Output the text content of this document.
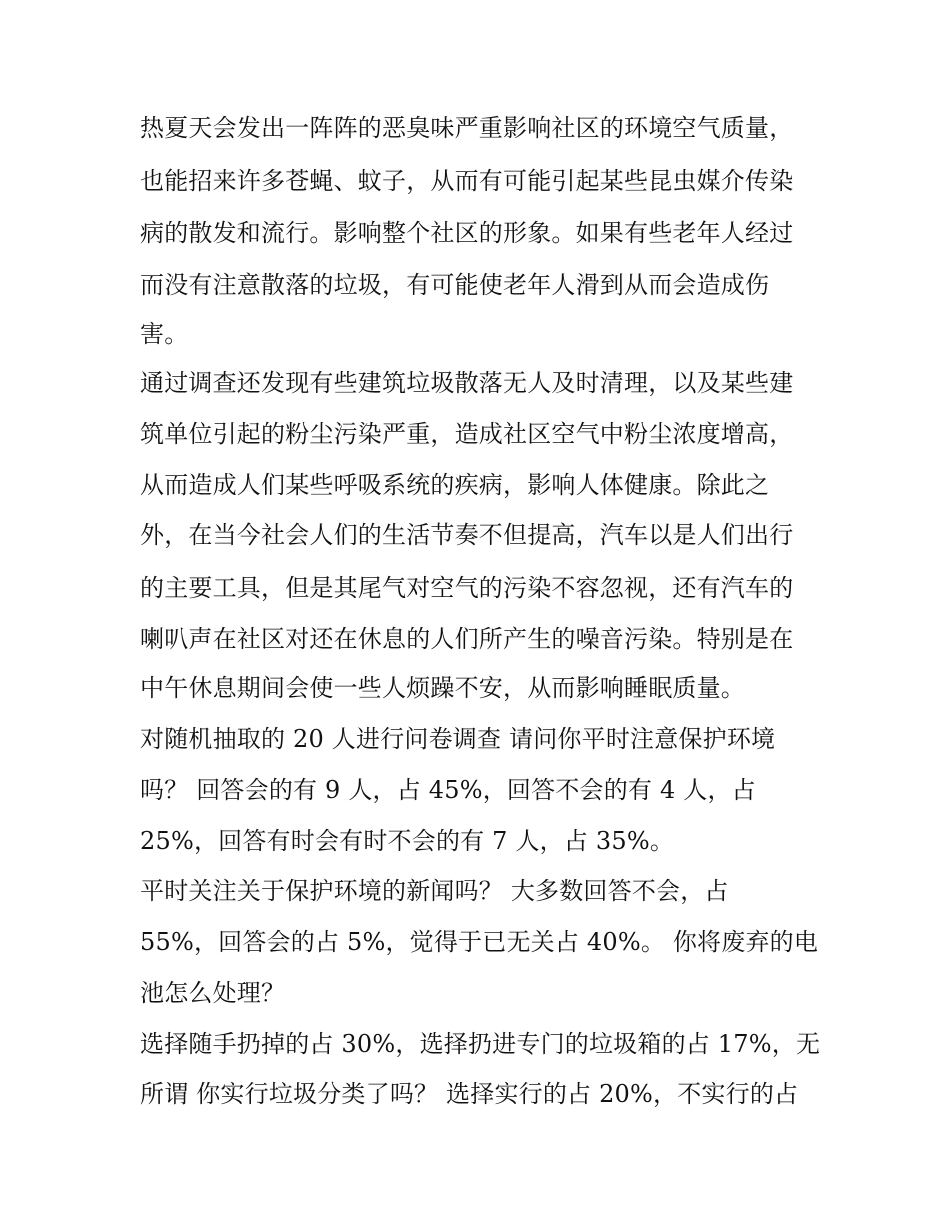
热夏天会发出一阵阵的恶臭味严重影响社区的环境空气质量，
也能招来许多苍蝇、蚊子，从而有可能引起某些昆虫媒介传染
病的散发和流行。影响整个社区的形象。如果有些老年人经过
而没有注意散落的垃圾，有可能使老年人滑到从而会造成伤
害。
通过调查还发现有些建筑垃圾散落无人及时清理，以及某些建
筑单位引起的粉尘污染严重，造成社区空气中粉尘浓度增高，
从而造成人们某些呼吸系统的疾病，影响人体健康。除此之
外，在当今社会人们的生活节奏不但提高，汽车以是人们出行
的主要工具，但是其尾气对空气的污染不容忽视，还有汽车的
喇叭声在社区对还在休息的人们所产生的噪音污染。特别是在
中午休息期间会使一些人烦躁不安，从而影响睡眠质量。
对随机抽取的 20 人进行问卷调查 请问你平时注意保护环境
吗？ 回答会的有 9 人，占 45%，回答不会的有 4 人，占
25%，回答有时会有时不会的有 7 人，占 35%。
平时关注关于保护环境的新闻吗？ 大多数回答不会，占
55%，回答会的占 5%，觉得于已无关占 40%。 你将废弃的电
池怎么处理？
选择随手扔掉的占 30%，选择扔进专门的垃圾箱的占 17%，无
所谓 你实行垃圾分类了吗？ 选择实行的占 20%，不实行的占
